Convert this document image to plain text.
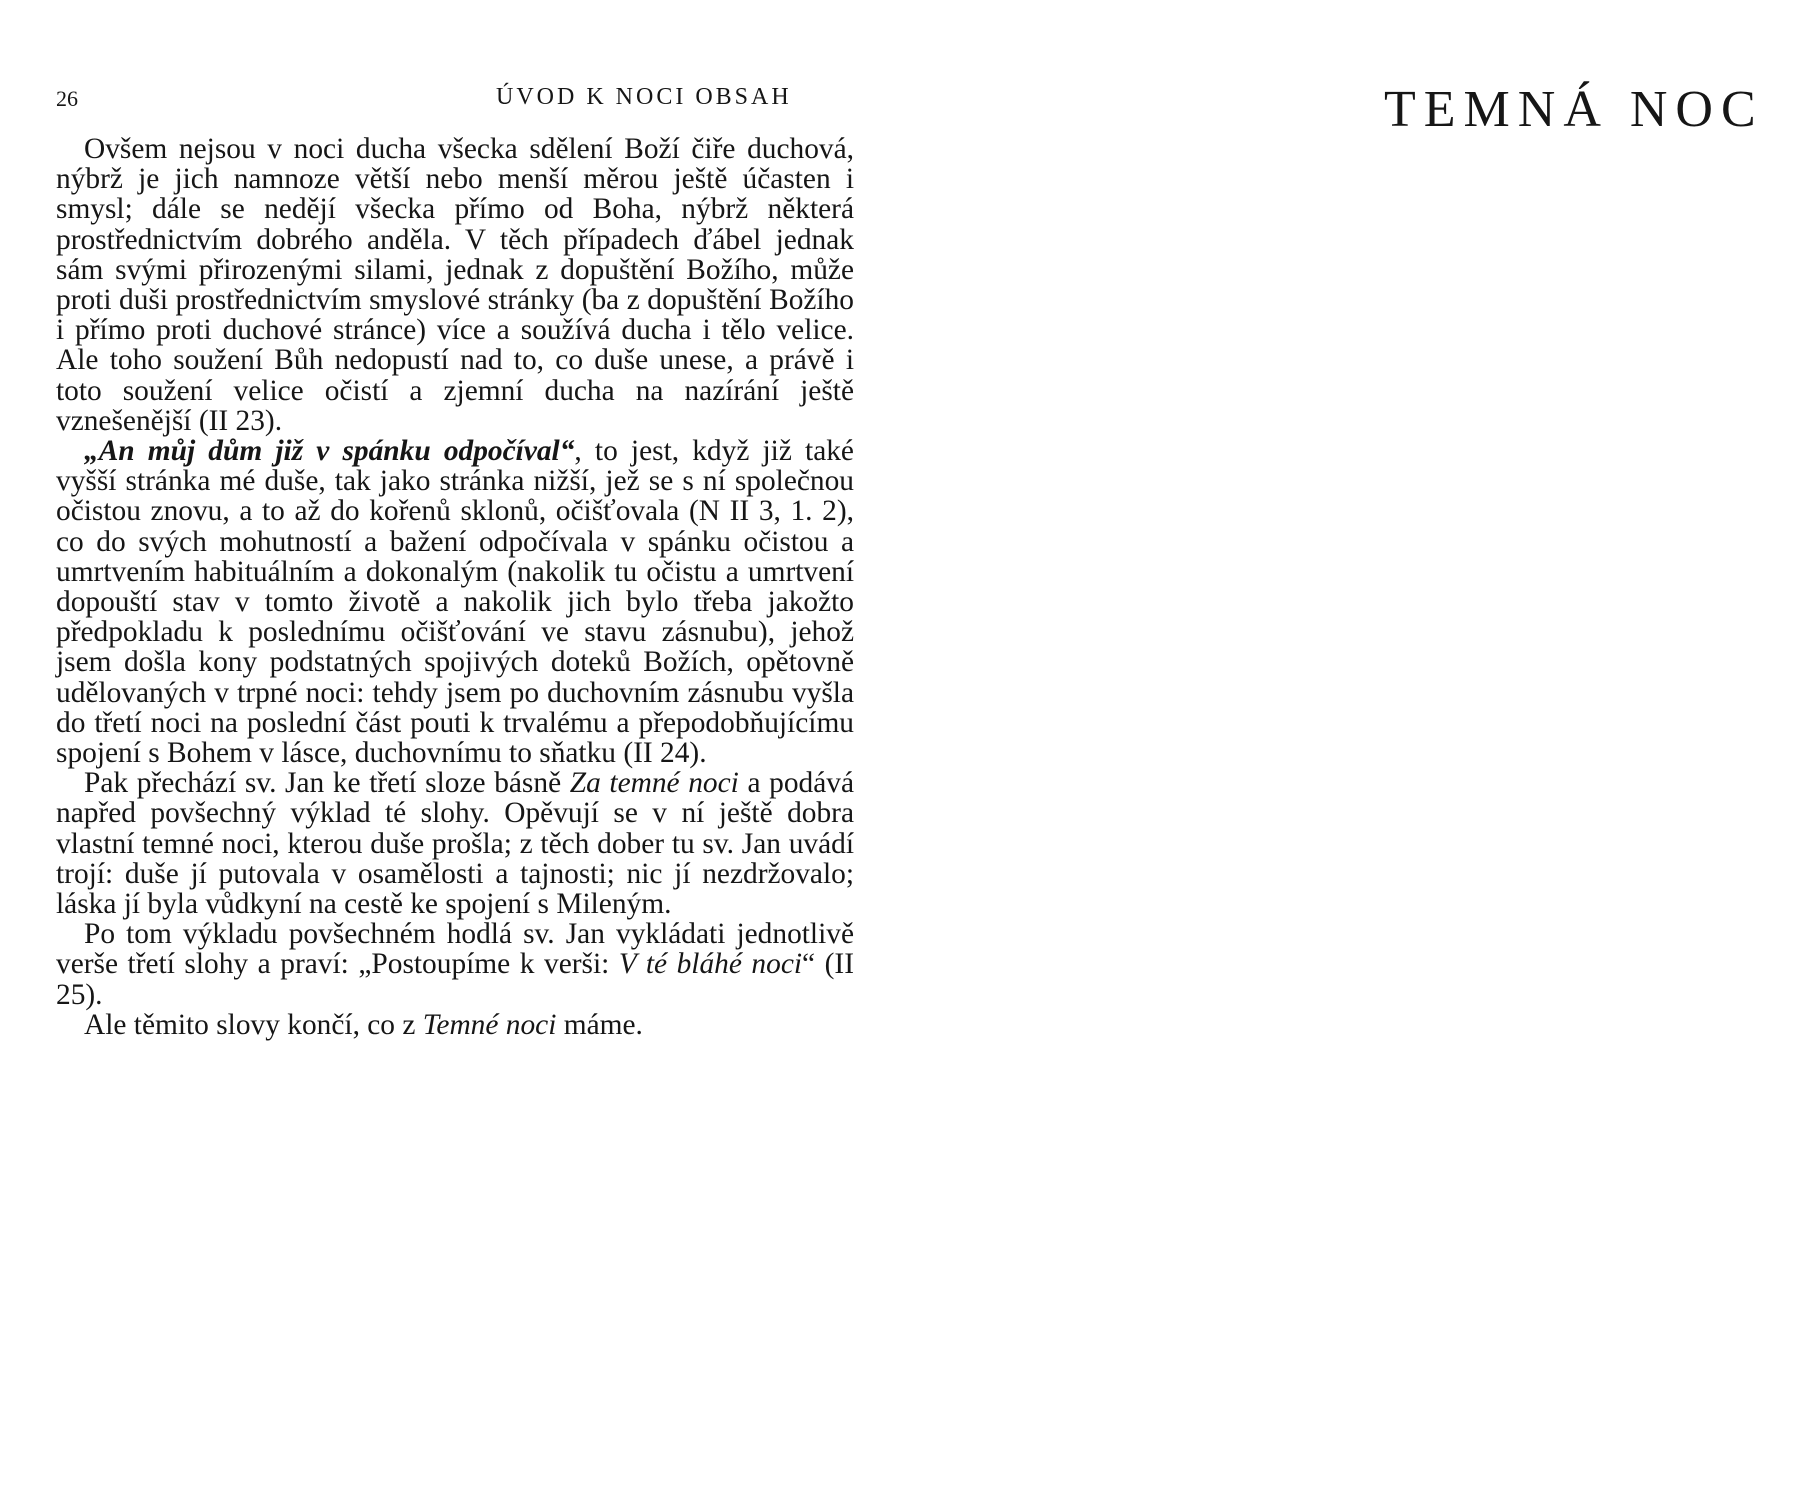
26	ÚVOD K NOCI OBSAH

Ovšem nejsou v noci ducha všecka sdělení Boží čiře duchová, nýbrž je jich namnoze větší nebo menší měrou ještě účasten i smysl; dále se nedějí všecka přímo od Boha, nýbrž některá prostřednictvím dobrého anděla. V těch případech ďábel jednak sám svými přirozenými silami, jednak z dopuštění Božího, může proti duši prostřednictvím smyslové stránky (ba z dopuštění Božího i přímo proti duchové stránce) více a soužívá ducha i tělo velice. Ale toho soužení Bůh nedopustí nad to, co duše unese, a právě i toto soužení velice očistí a zjemní ducha na nazírání ještě vznešenější (II 23).

„An můj dům již v spánku odpočíval“, to jest, když již také vyšší stránka mé duše, tak jako stránka nižší, jež se s ní společnou očistou znovu, a to až do kořenů sklonů, očišťovala (N II 3, 1. 2), co do svých mohutností a bažení odpočívala v spánku očistou a umrtvením habituálním a dokonalým (nakolik tu očistu a umrtvení dopouští stav v tomto životě a nakolik jich bylo třeba jakožto předpokladu k poslednímu očišťování ve stavu zásnubu), jehož jsem došla kony podstatných spojivých doteků Božích, opětovně udělovaných v trpné noci: tehdy jsem po duchovním zásnubu vyšla do třetí noci na poslední část pouti k trvalému a přepodobňujícímu spojení s Bohem v lásce, duchovnímu to sňatku (II 24).

Pak přechází sv. Jan ke třetí sloze básně Za temné noci a podává napřed povšechný výklad té slohy. Opěvují se v ní ještě dobra vlastní temné noci, kterou duše prošla; z těch dober tu sv. Jan uvádí trojí: duše jí putovala v osamělosti a tajnosti; nic jí nezdržovalo; láska jí byla vůdkyní na cestě ke spojení s Mileným.

Po tom výkladu povšechném hodlá sv. Jan vykládati jednotlivě verše třetí slohy a praví: „Postoupíme k verši: V té bláhé noci“ (II 25).

Ale těmito slovy končí, co z Temné noci máme.

TEMNÁ NOC
